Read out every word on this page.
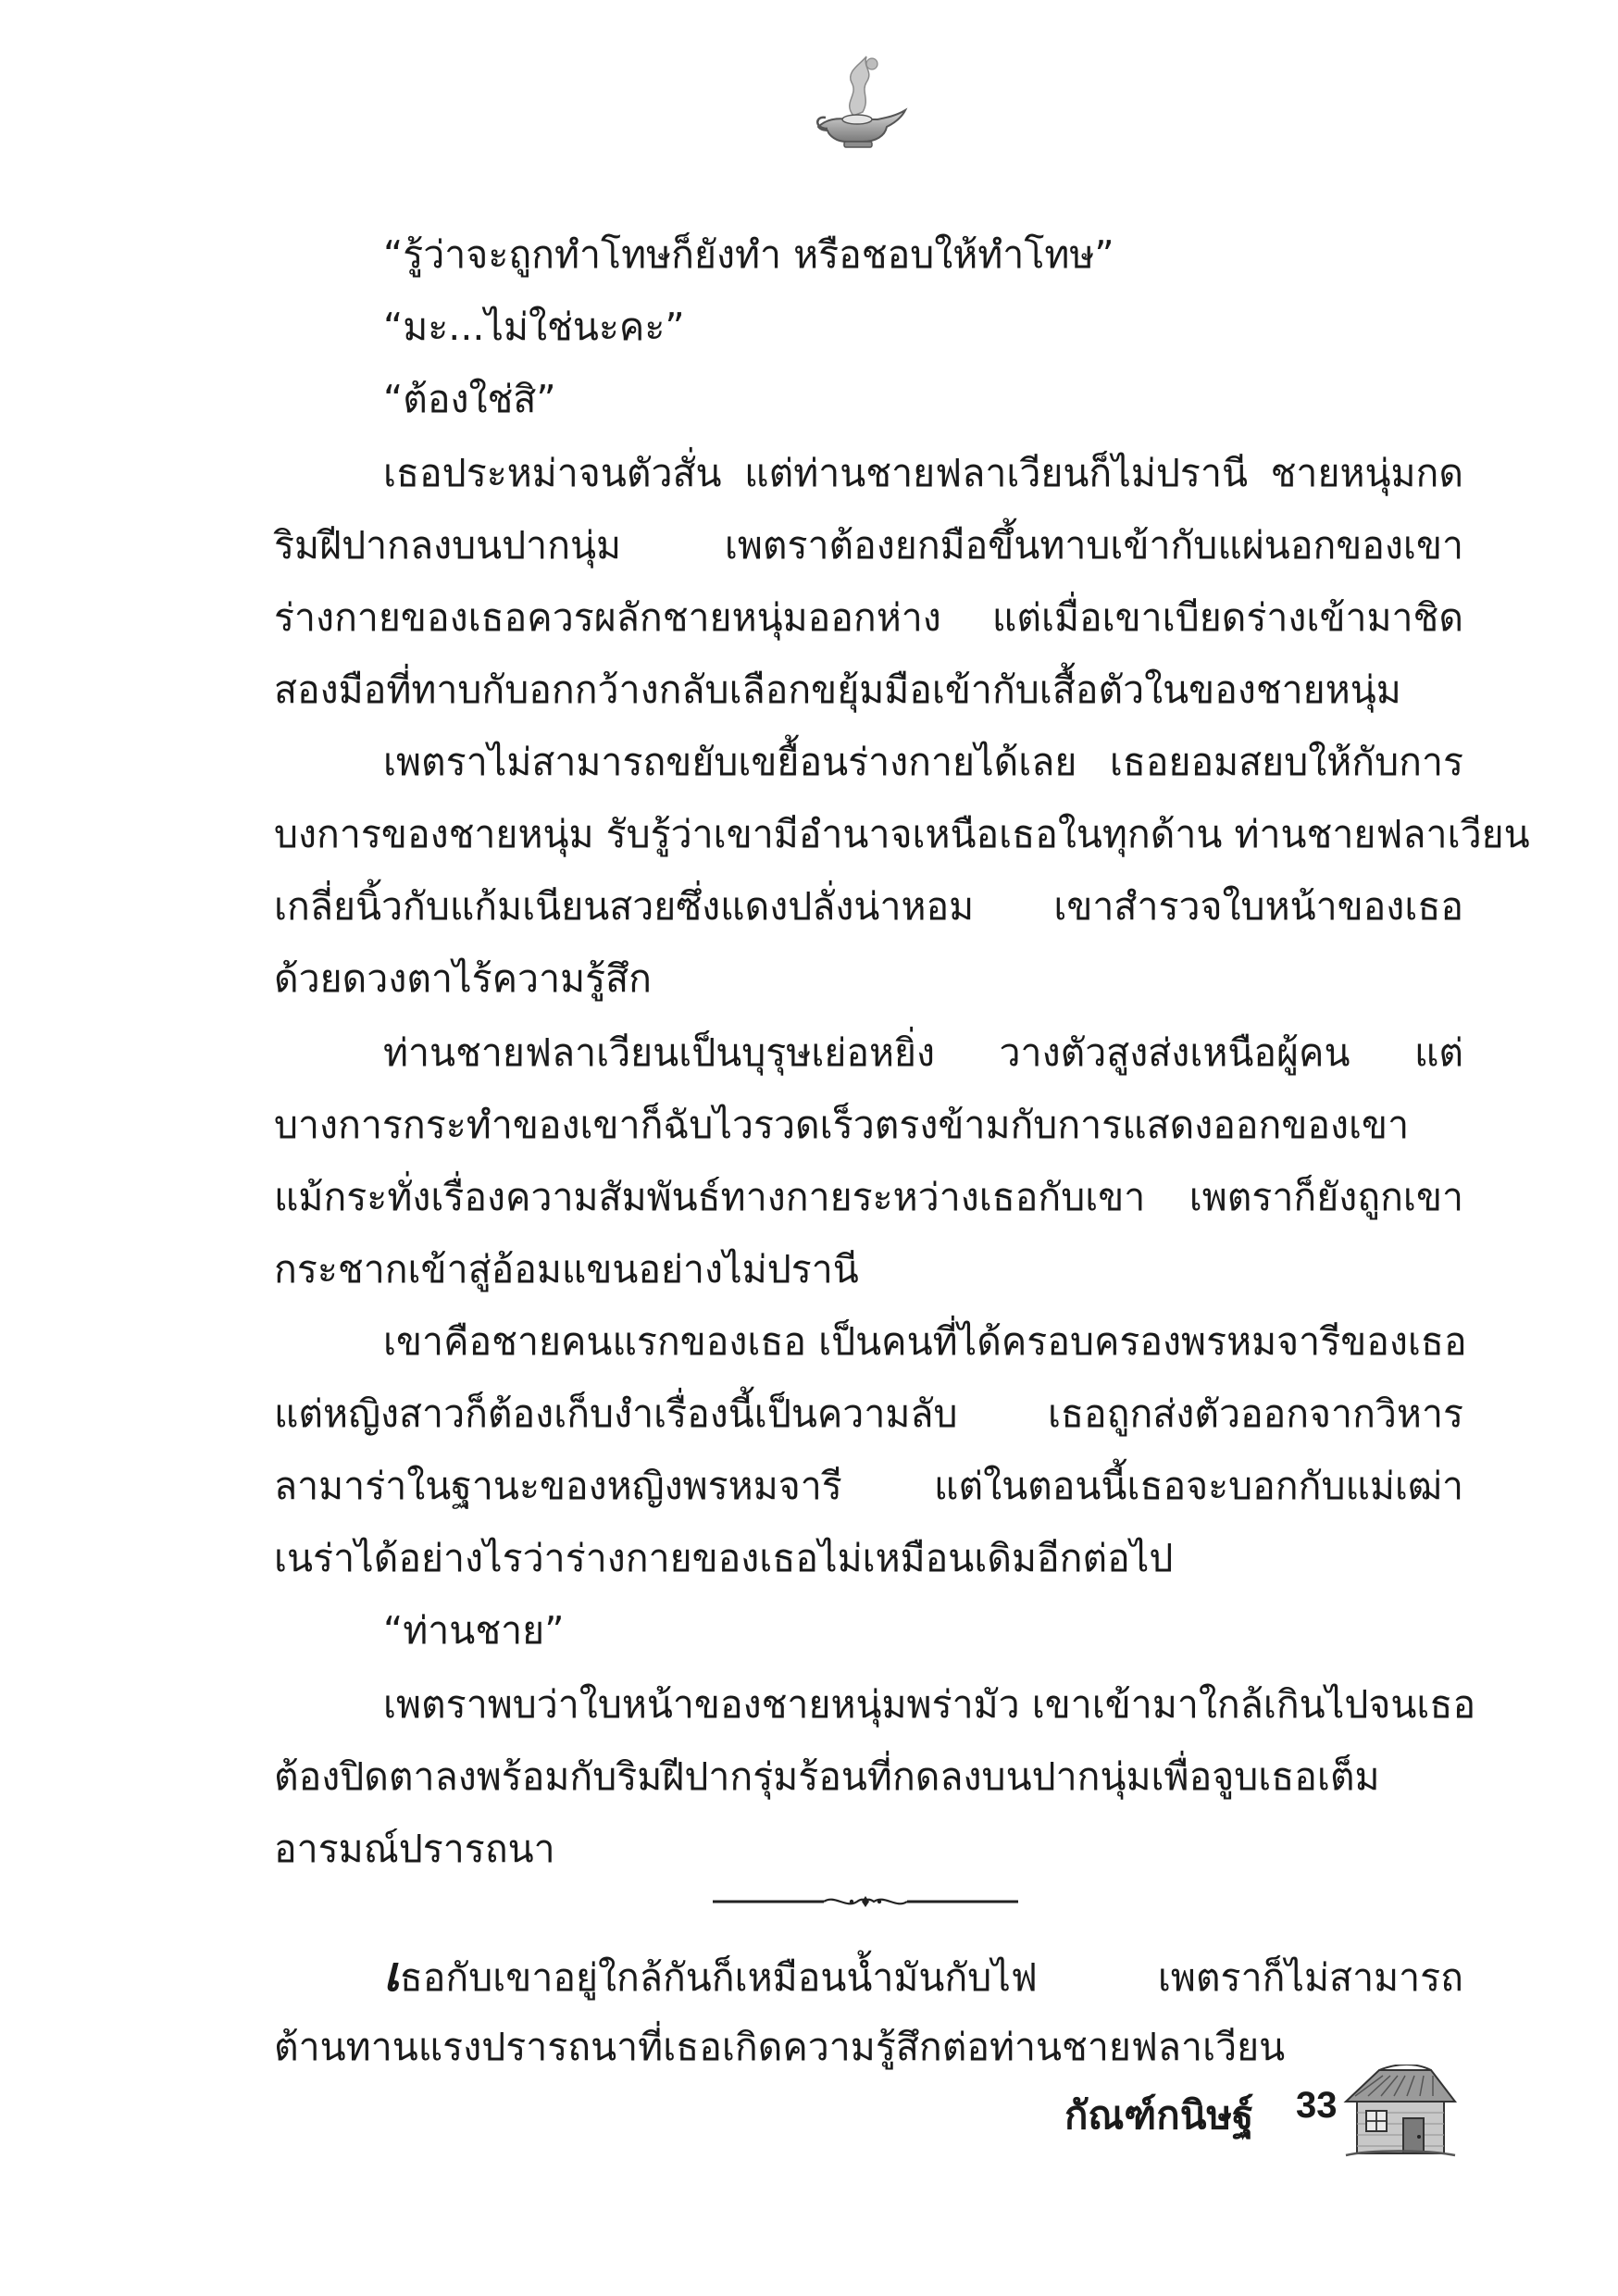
“รู้ว่าจะถูกทำโทษก็ยังทำ หรือชอบให้ทำโทษ”
“มะ...ไม่ใช่นะคะ”
“ต้องใช่สิ”
เธอประหม่าจนตัวสั่น แต่ท่านชายฟลาเวียนก็ไม่ปรานี ชายหนุ่มกด
ริมฝีปากลงบนปากนุ่ม เพตราต้องยกมือขึ้นทาบเข้ากับแผ่นอกของเขา
ร่างกายของเธอควรผลักชายหนุ่มออกห่าง แต่เมื่อเขาเบียดร่างเข้ามาชิด
สองมือที่ทาบกับอกกว้างกลับเลือกขยุ้มมือเข้ากับเสื้อตัวในของชายหนุ่ม
เพตราไม่สามารถขยับเขยื้อนร่างกายได้เลย เธอยอมสยบให้กับการ
บงการของชายหนุ่ม รับรู้ว่าเขามีอำนาจเหนือเธอในทุกด้าน ท่านชายฟลาเวียน
เกลี่ยนิ้วกับแก้มเนียนสวยซึ่งแดงปลั่งน่าหอม เขาสำรวจใบหน้าของเธอ
ด้วยดวงตาไร้ความรู้สึก
ท่านชายฟลาเวียนเป็นบุรุษเย่อหยิ่ง วางตัวสูงส่งเหนือผู้คน แต่
บางการกระทำของเขาก็ฉับไวรวดเร็วตรงข้ามกับการแสดงออกของเขา
แม้กระทั่งเรื่องความสัมพันธ์ทางกายระหว่างเธอกับเขา เพตราก็ยังถูกเขา
กระชากเข้าสู่อ้อมแขนอย่างไม่ปรานี
เขาคือชายคนแรกของเธอ เป็นคนที่ได้ครอบครองพรหมจารีของเธอ
แต่หญิงสาวก็ต้องเก็บงำเรื่องนี้เป็นความลับ เธอถูกส่งตัวออกจากวิหาร
ลามาร่าในฐานะของหญิงพรหมจารี แต่ในตอนนี้เธอจะบอกกับแม่เฒ่า
เนร่าได้อย่างไรว่าร่างกายของเธอไม่เหมือนเดิมอีกต่อไป
“ท่านชาย”
เพตราพบว่าใบหน้าของชายหนุ่มพร่ามัว เขาเข้ามาใกล้เกินไปจนเธอ
ต้องปิดตาลงพร้อมกับริมฝีปากรุ่มร้อนที่กดลงบนปากนุ่มเพื่อจูบเธอเต็ม
อารมณ์ปรารถนา
เธอกับเขาอยู่ใกล้กันก็เหมือนน้ำมันกับไฟ เพตราก็ไม่สามารถ
ต้านทานแรงปรารถนาที่เธอเกิดความรู้สึกต่อท่านชายฟลาเวียน
กัณฑ์กนิษฐ์ 33
